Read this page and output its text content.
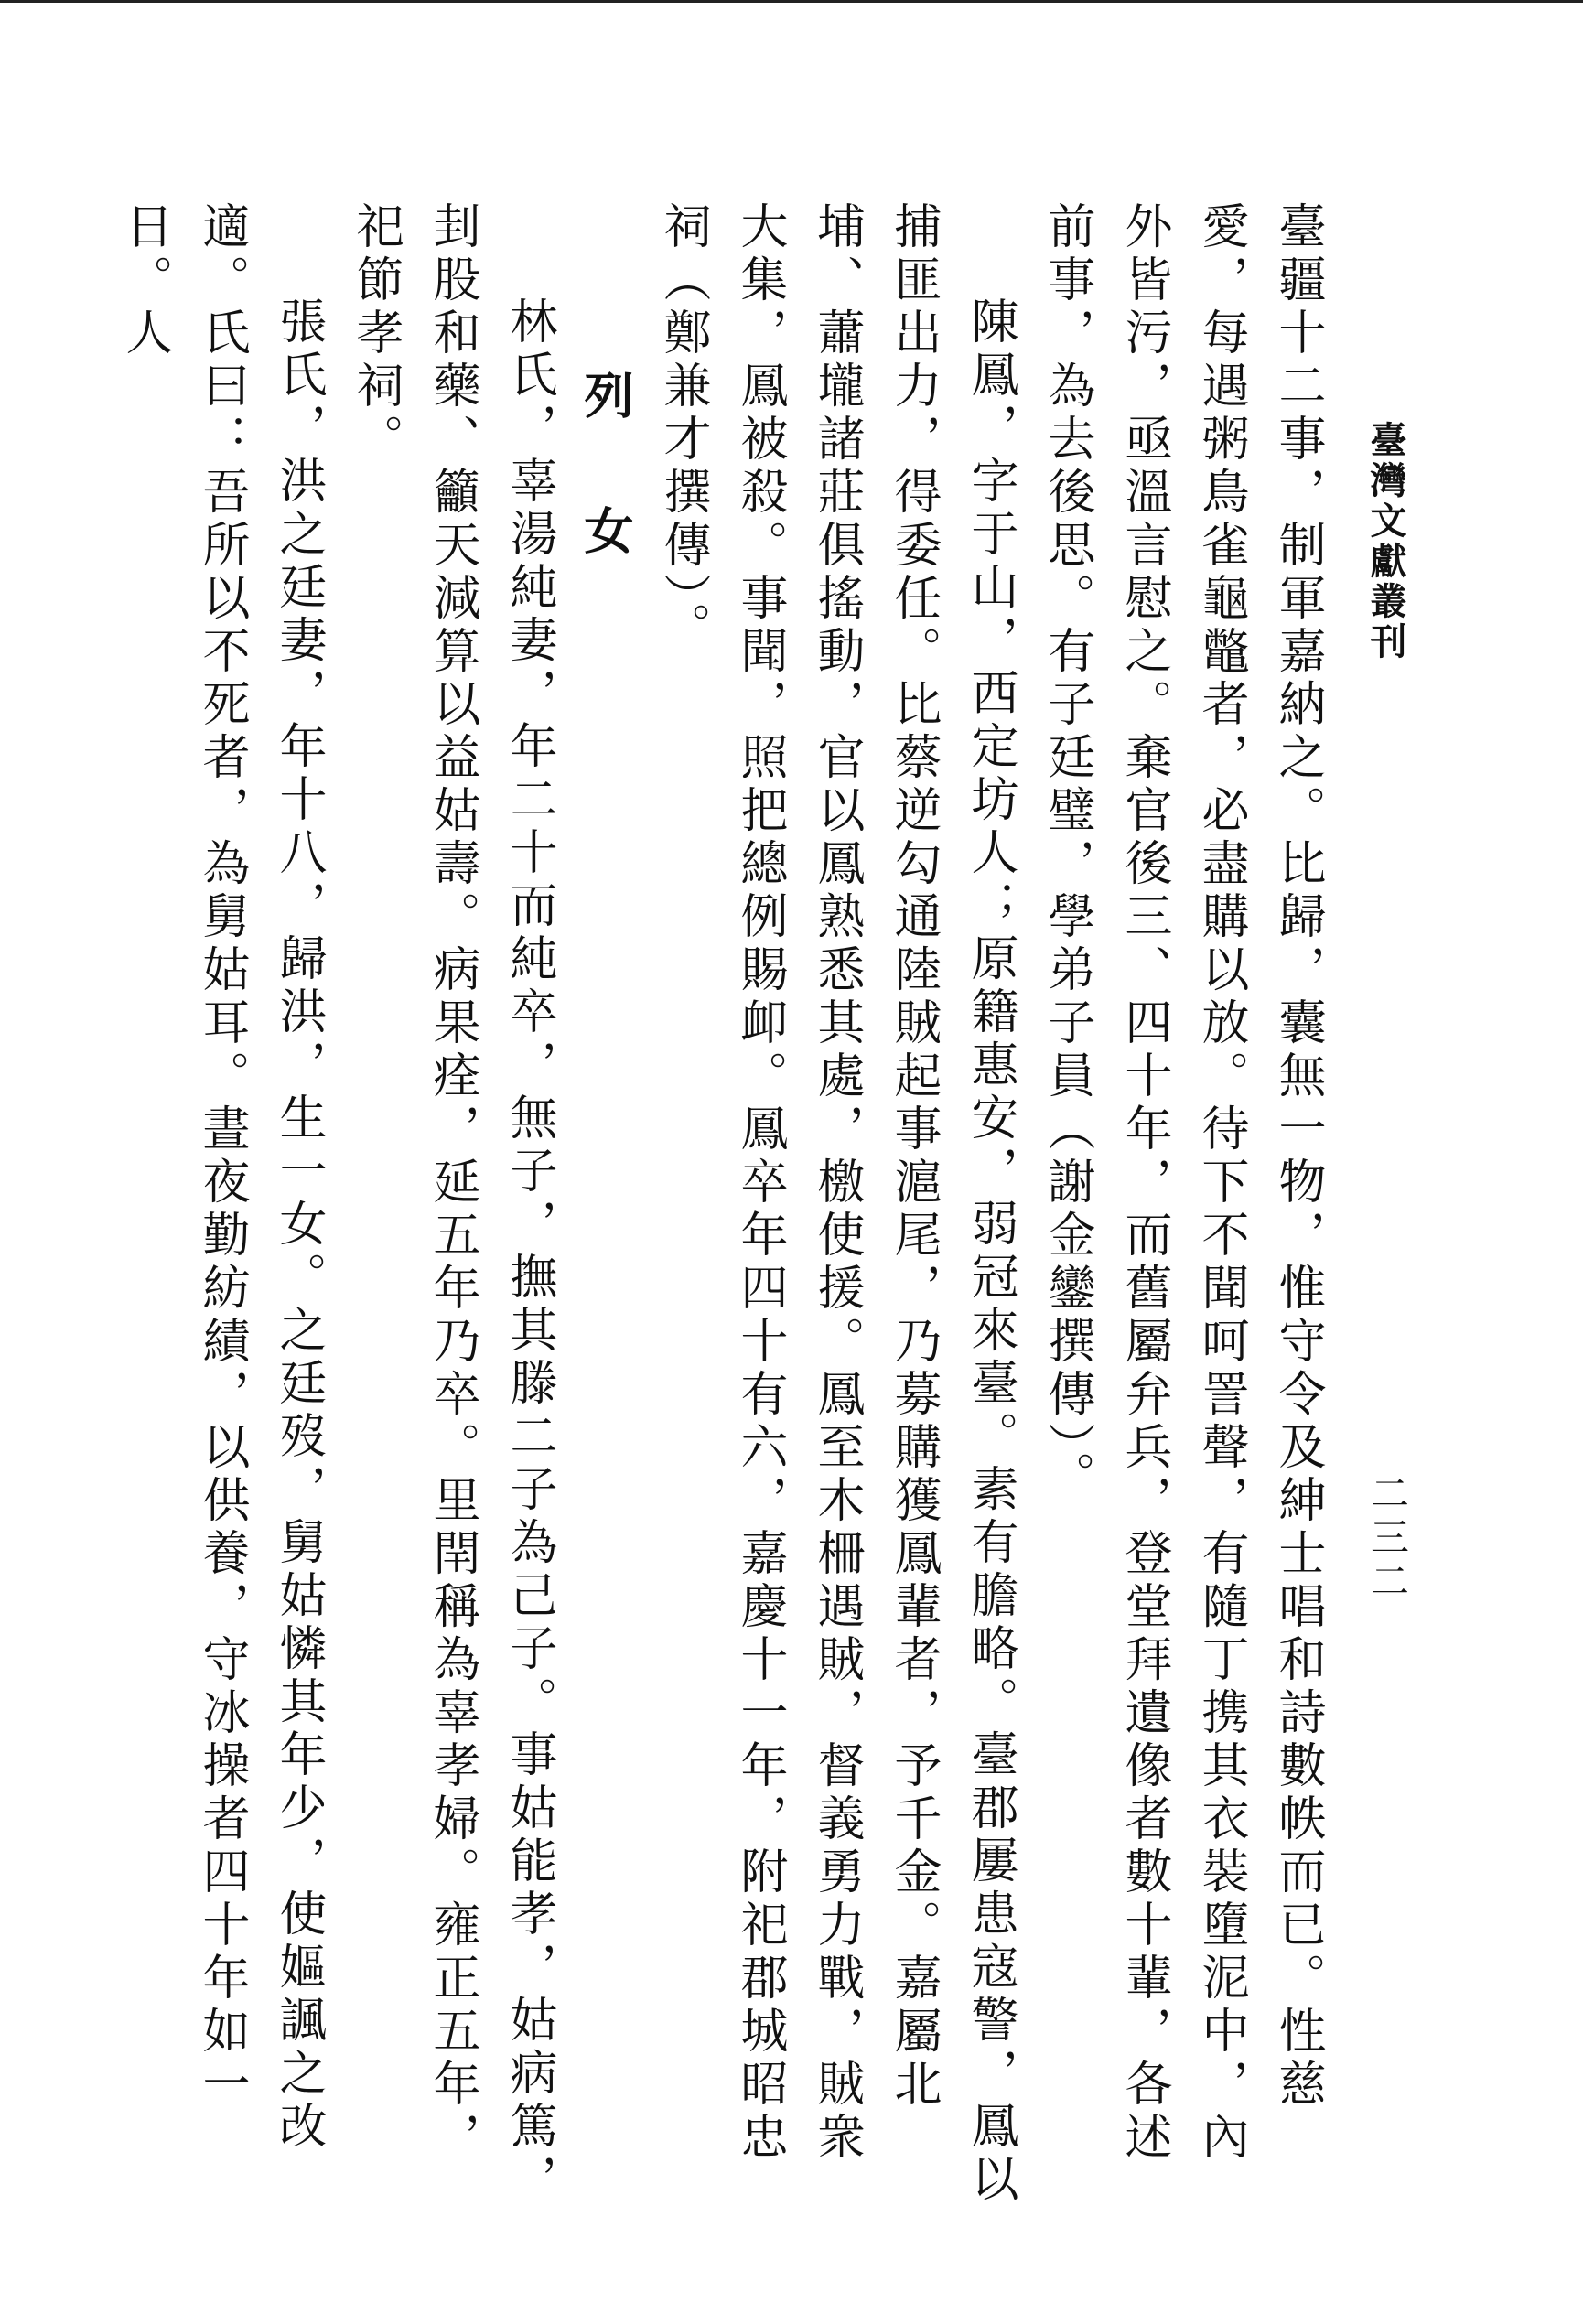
臺灣文獻叢刊
二三二

臺疆十二事，制軍嘉納之。比歸，囊無一物，惟守令及紳士唱和詩數帙而已。性慈愛，每遇粥鳥雀龜鼈者，必盡購以放。待下不聞呵詈聲，有隨丁携其衣裝墮泥中，內外皆污，亟溫言慰之。棄官後三、四十年，而舊屬弁兵，登堂拜遺像者數十輩，各述前事，為去後思。有子廷璧，學弟子員（謝金鑾撰傳）。

陳鳳，字于山，西定坊人；原籍惠安，弱冠來臺。素有膽略。臺郡屢患寇警，鳳以捕匪出力，得委任。比蔡逆勾通陸賊起事滬尾，乃募購獲鳳輩者，予千金。嘉屬北埔、蕭壠諸莊俱搖動，官以鳳熟悉其處，檄使援。鳳至木柵遇賊，督義勇力戰，賊衆大集，鳳被殺。事聞，照把總例賜卹。鳳卒年四十有六，嘉慶十一年，附祀郡城昭忠祠（鄭兼才撰傳）。

列　女

林氏，辜湯純妻，年二十而純卒，無子，撫其滕二子為己子。事姑能孝，姑病篤，刲股和藥、籲天減算以益姑壽。病果痊，延五年乃卒。里閈稱為辜孝婦。雍正五年，祀節孝祠。

張氏，洪之廷妻，年十八，歸洪，生一女。之廷歿，舅姑憐其年少，使嫗諷之改適。氏曰：吾所以不死者，為舅姑耳。晝夜勤紡績，以供養，守冰操者四十年如一日。人
